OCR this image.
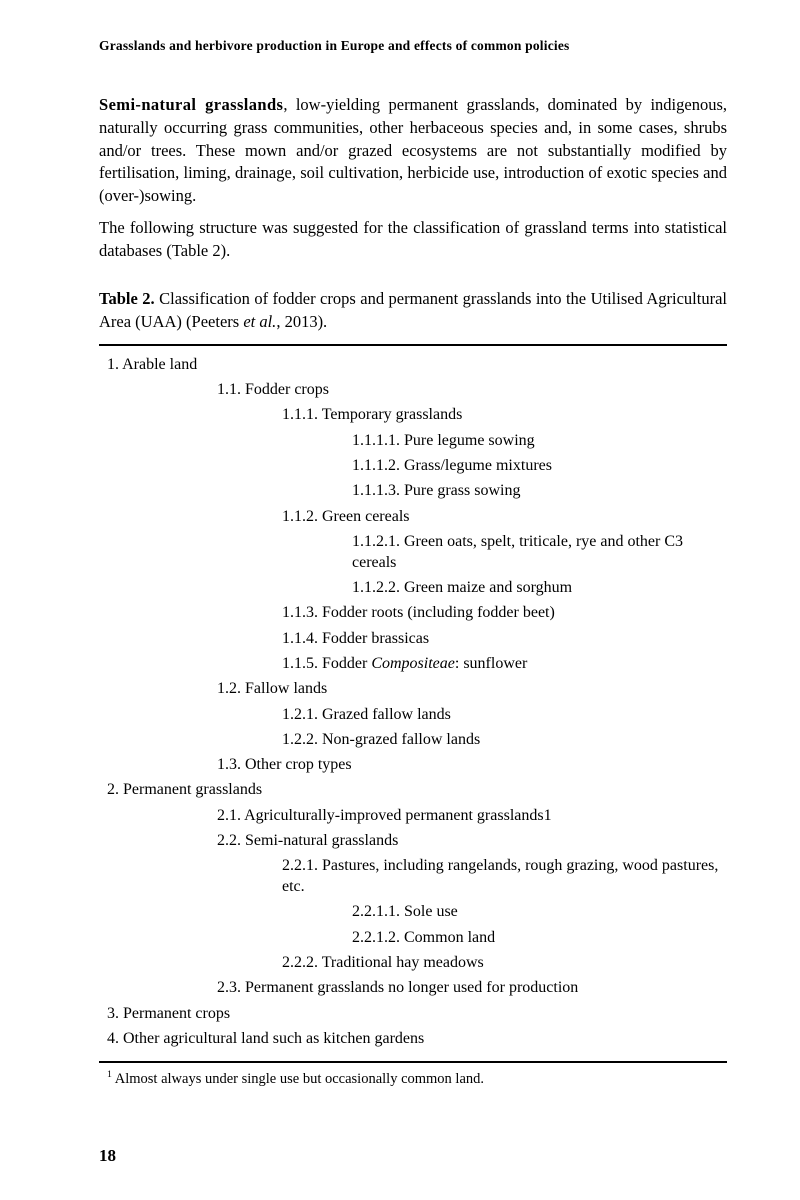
Grasslands and herbivore production in Europe and effects of common policies

Semi-natural grasslands, low-yielding permanent grasslands, dominated by indigenous, naturally occurring grass communities, other herbaceous species and, in some cases, shrubs and/or trees. These mown and/or grazed ecosystems are not substantially modified by fertilisation, liming, drainage, soil cultivation, herbicide use, introduction of exotic species and (over-)sowing.

The following structure was suggested for the classification of grassland terms into statistical databases (Table 2).

Table 2. Classification of fodder crops and permanent grasslands into the Utilised Agricultural Area (UAA) (Peeters et al., 2013).

1. Arable land
1.1. Fodder crops
1.1.1. Temporary grasslands
1.1.1.1. Pure legume sowing
1.1.1.2. Grass/legume mixtures
1.1.1.3. Pure grass sowing
1.1.2. Green cereals
1.1.2.1. Green oats, spelt, triticale, rye and other C3 cereals
1.1.2.2. Green maize and sorghum
1.1.3. Fodder roots (including fodder beet)
1.1.4. Fodder brassicas
1.1.5. Fodder Compositeae: sunflower
1.2. Fallow lands
1.2.1. Grazed fallow lands
1.2.2. Non-grazed fallow lands
1.3. Other crop types
2. Permanent grasslands
2.1. Agriculturally-improved permanent grasslands1
2.2. Semi-natural grasslands
2.2.1. Pastures, including rangelands, rough grazing, wood pastures, etc.
2.2.1.1. Sole use
2.2.1.2. Common land
2.2.2. Traditional hay meadows
2.3. Permanent grasslands no longer used for production
3. Permanent crops
4. Other agricultural land such as kitchen gardens
$^1$ Almost always under single use but occasionally common land.
18
